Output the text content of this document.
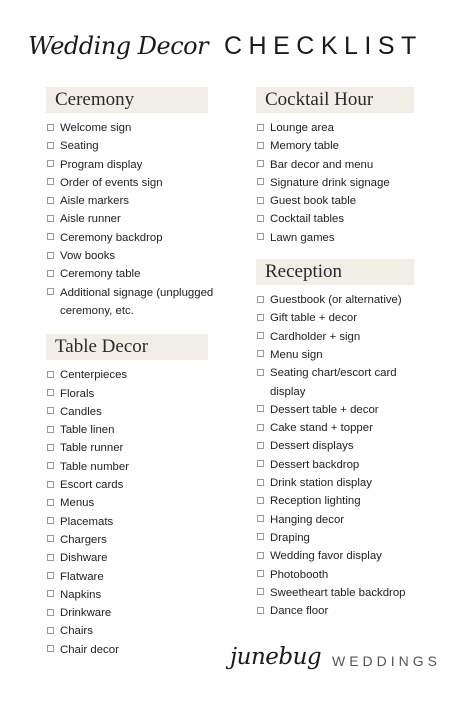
Wedding Decor CHECKLIST
Ceremony
Welcome sign
Seating
Program display
Order of events sign
Aisle markers
Aisle runner
Ceremony backdrop
Vow books
Ceremony table
Additional signage (unplugged ceremony, etc.
Table Decor
Centerpieces
Florals
Candles
Table linen
Table runner
Table number
Escort cards
Menus
Placemats
Chargers
Dishware
Flatware
Napkins
Drinkware
Chairs
Chair decor
Cocktail Hour
Lounge area
Memory table
Bar decor and menu
Signature drink signage
Guest book table
Cocktail tables
Lawn games
Reception
Guestbook (or alternative)
Gift table + decor
Cardholder + sign
Menu sign
Seating chart/escort card display
Dessert table + decor
Cake stand + topper
Dessert displays
Dessert backdrop
Drink station display
Reception lighting
Hanging decor
Draping
Wedding favor display
Photobooth
Sweetheart table backdrop
Dance floor
junebug WEDDINGS
